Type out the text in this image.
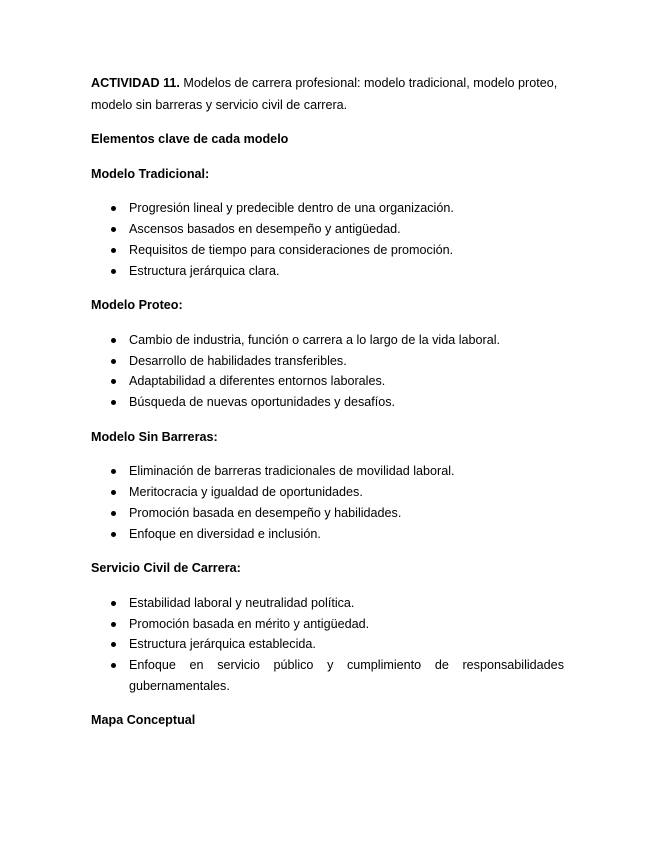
ACTIVIDAD 11. Modelos de carrera profesional: modelo tradicional, modelo proteo, modelo sin barreras y servicio civil de carrera.

Elementos clave de cada modelo

Modelo Tradicional:

Progresión lineal y predecible dentro de una organización.
Ascensos basados en desempeño y antigüedad.
Requisitos de tiempo para consideraciones de promoción.
Estructura jerárquica clara.

Modelo Proteo:

Cambio de industria, función o carrera a lo largo de la vida laboral.
Desarrollo de habilidades transferibles.
Adaptabilidad a diferentes entornos laborales.
Búsqueda de nuevas oportunidades y desafíos.

Modelo Sin Barreras:

Eliminación de barreras tradicionales de movilidad laboral.
Meritocracia y igualdad de oportunidades.
Promoción basada en desempeño y habilidades.
Enfoque en diversidad e inclusión.

Servicio Civil de Carrera:

Estabilidad laboral y neutralidad política.
Promoción basada en mérito y antigüedad.
Estructura jerárquica establecida.
Enfoque en servicio público y cumplimiento de responsabilidades gubernamentales.

Mapa Conceptual
